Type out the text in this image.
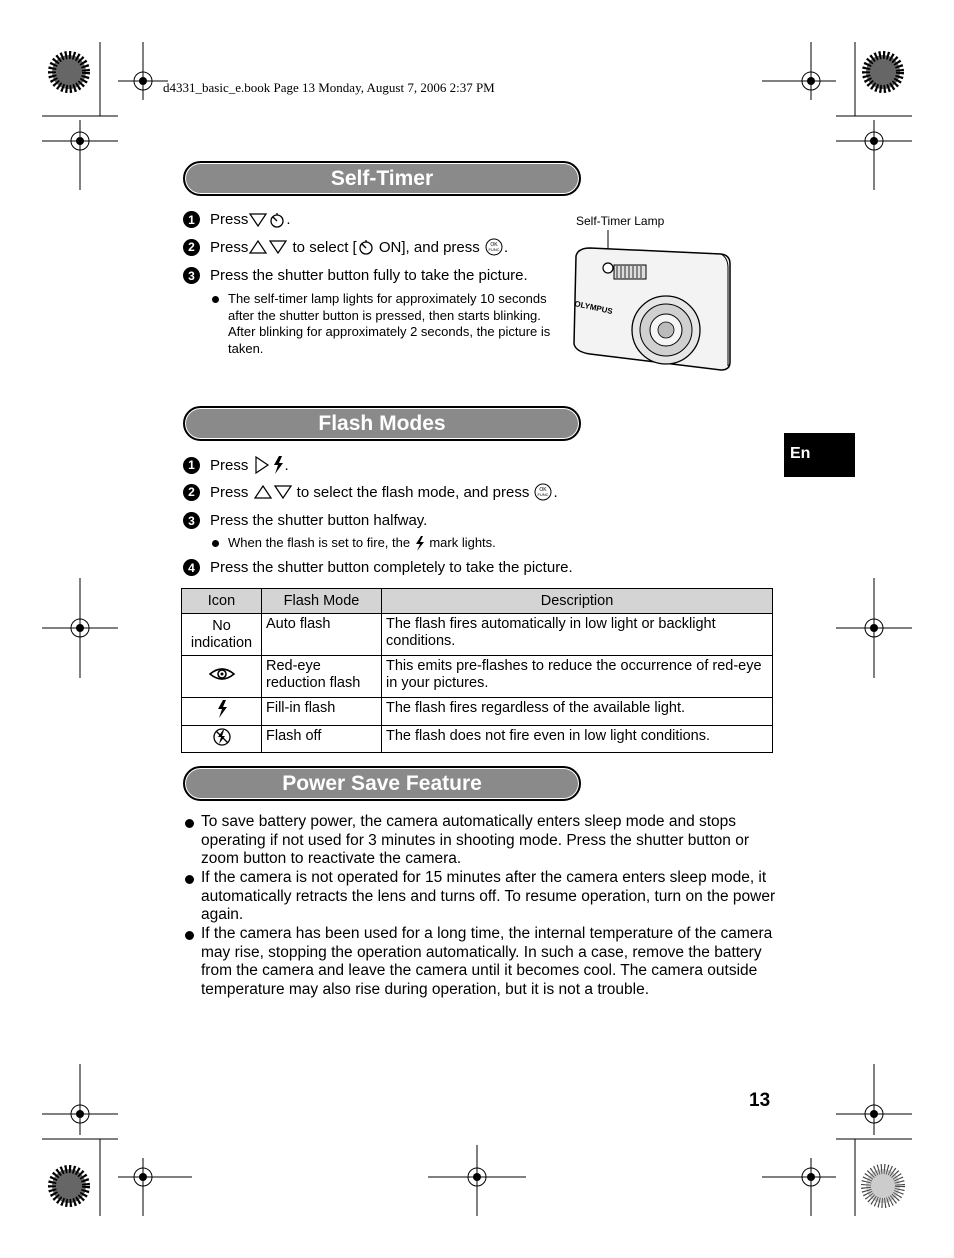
d4331_basic_e.book Page 13 Monday, August 7, 2006 2:37 PM
Self-Timer
1	Press	.
2	Press	to select [ ON], and press OK
FUNC .
3	Press the shutter button fully to take the picture.
The self-timer lamp lights for approximately 10 seconds after the shutter button is pressed, then starts blinking. After blinking for approximately 2 seconds, the picture is taken.
Self-Timer Lamp
OLYMPUS
Flash Modes
1	Press .
2	Press	to select the flash mode, and press OK
FUNC .
3	Press the shutter button halfway.
When the flash is set to fire, the  mark lights.
4	Press the shutter button completely to take the picture.
Icon	Flash Mode	Description
No indication	Auto flash	The flash fires automatically in low light or backlight conditions.
	Red-eye reduction flash	This emits pre-flashes to reduce the occurrence of red-eye in your pictures.
	Fill-in flash	The flash fires regardless of the available light.
	Flash off	The flash does not fire even in low light conditions.
Power Save Feature
To save battery power, the camera automatically enters sleep mode and stops operating if not used for 3 minutes in shooting mode. Press the shutter button or zoom button to reactivate the camera.
If the camera is not operated for 15 minutes after the camera enters sleep mode, it automatically retracts the lens and turns off. To resume operation, turn on the power again.
If the camera has been used for a long time, the internal temperature of the camera may rise, stopping the operation automatically. In such a case, remove the battery from the camera and leave the camera until it becomes cool. The camera outside temperature may also rise during operation, but it is not a trouble.
En
13
